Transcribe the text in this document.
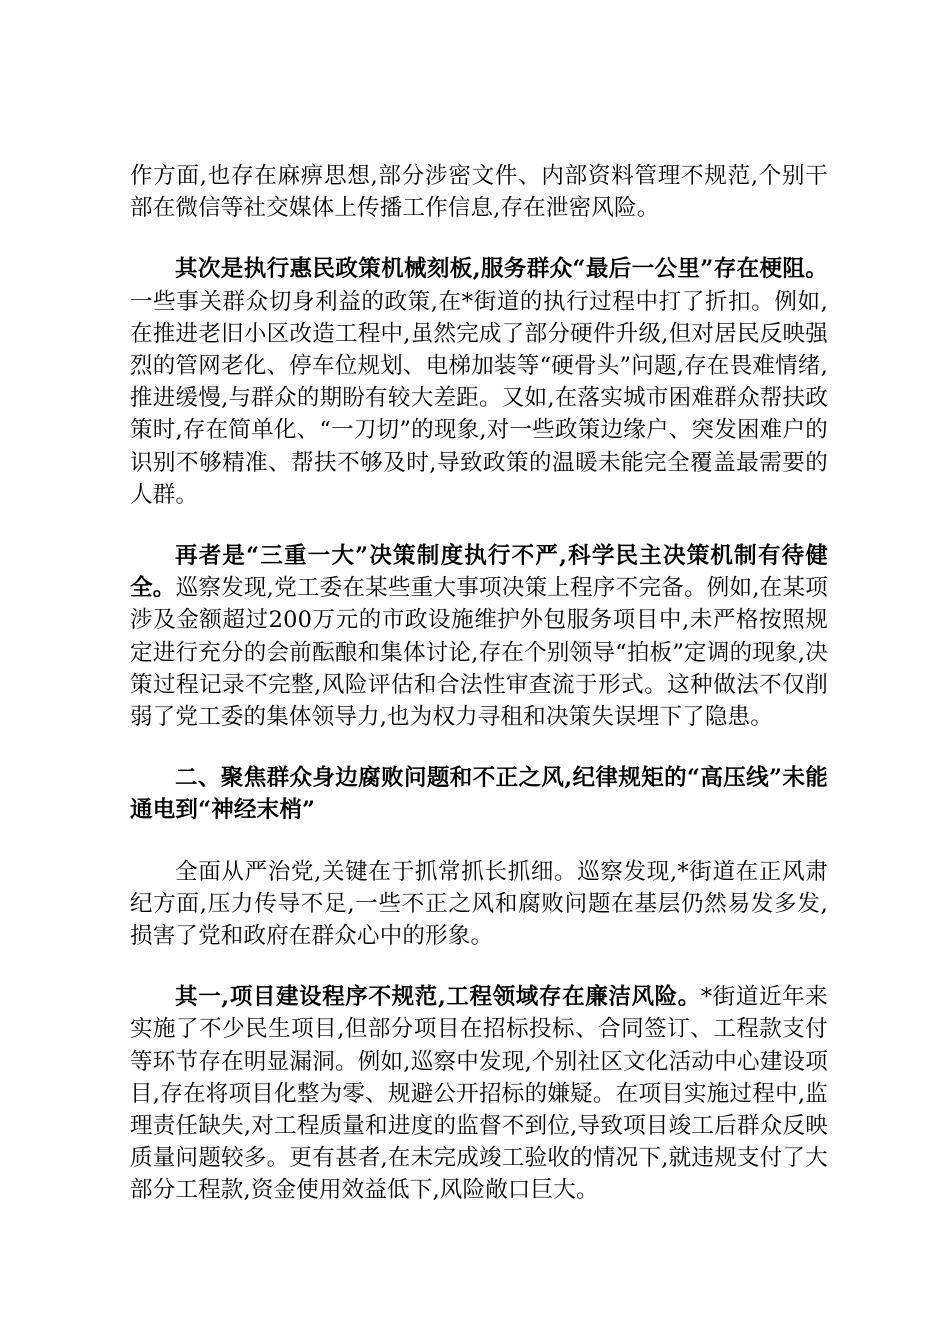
作方面,也存在麻痹思想,部分涉密文件、内部资料管理不规范,个别干部在微信等社交媒体上传播工作信息,存在泄密风险。

其次是执行惠民政策机械刻板,服务群众“最后一公里”存在梗阻。一些事关群众切身利益的政策,在*街道的执行过程中打了折扣。例如,在推进老旧小区改造工程中,虽然完成了部分硬件升级,但对居民反映强烈的管网老化、停车位规划、电梯加装等“硬骨头”问题,存在畏难情绪,推进缓慢,与群众的期盼有较大差距。又如,在落实城市困难群众帮扶政策时,存在简单化、“一刀切”的现象,对一些政策边缘户、突发困难户的识别不够精准、帮扶不够及时,导致政策的温暖未能完全覆盖最需要的人群。

再者是“三重一大”决策制度执行不严,科学民主决策机制有待健全。巡察发现,党工委在某些重大事项决策上程序不完备。例如,在某项涉及金额超过200万元的市政设施维护外包服务项目中,未严格按照规定进行充分的会前酝酿和集体讨论,存在个别领导“拍板”定调的现象,决策过程记录不完整,风险评估和合法性审查流于形式。这种做法不仅削弱了党工委的集体领导力,也为权力寻租和决策失误埋下了隐患。

二、聚焦群众身边腐败问题和不正之风,纪律规矩的“高压线”未能通电到“神经末梢”

全面从严治党,关键在于抓常抓长抓细。巡察发现,*街道在正风肃纪方面,压力传导不足,一些不正之风和腐败问题在基层仍然易发多发,损害了党和政府在群众心中的形象。

其一,项目建设程序不规范,工程领域存在廉洁风险。*街道近年来实施了不少民生项目,但部分项目在招标投标、合同签订、工程款支付等环节存在明显漏洞。例如,巡察中发现,个别社区文化活动中心建设项目,存在将项目化整为零、规避公开招标的嫌疑。在项目实施过程中,监理责任缺失,对工程质量和进度的监督不到位,导致项目竣工后群众反映质量问题较多。更有甚者,在未完成竣工验收的情况下,就违规支付了大部分工程款,资金使用效益低下,风险敞口巨大。
